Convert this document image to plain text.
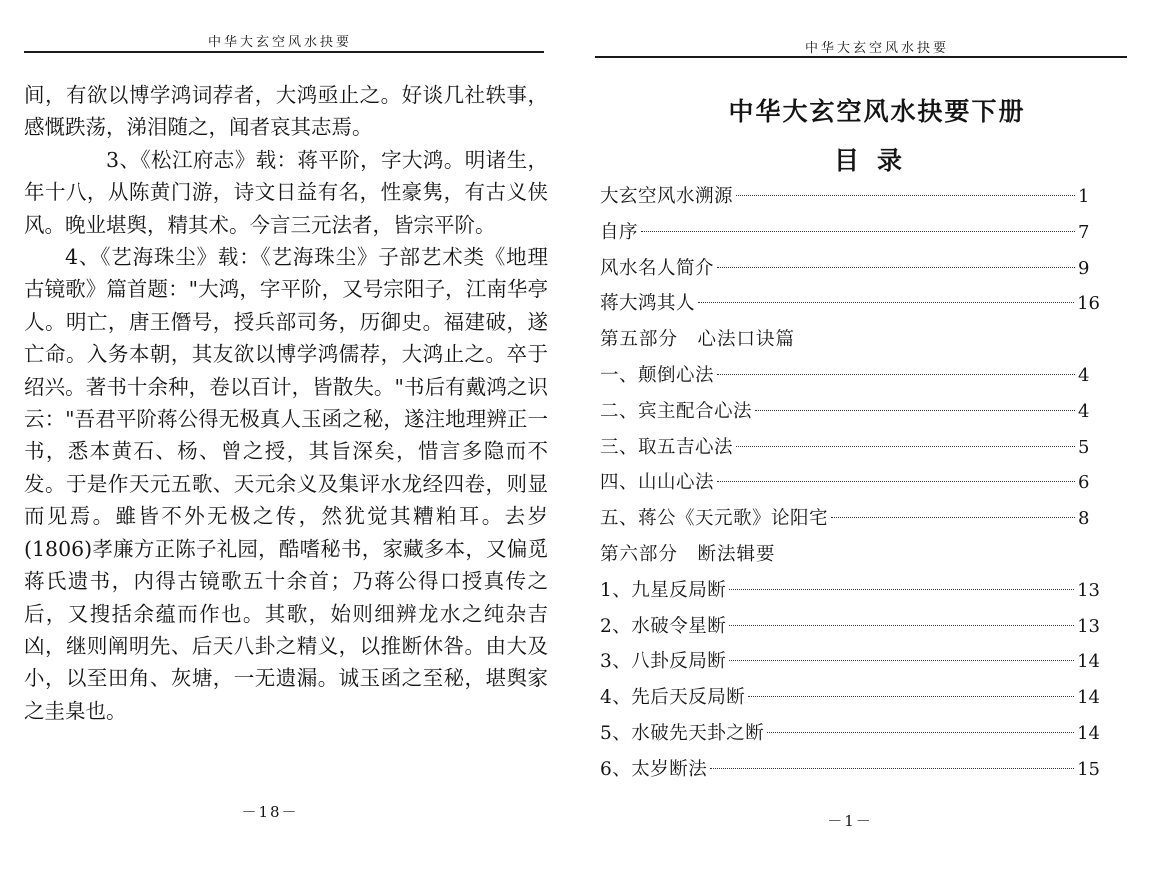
中华大玄空风水抉要

间，有欲以博学鸿词荐者，大鸿亟止之。好谈几社轶事，感慨跌荡，涕泪随之，闻者哀其志焉。

3、《松江府志》载：蒋平阶，字大鸿。明诸生，年十八，从陈黄门游，诗文日益有名，性豪隽，有古义侠风。晚业堪舆，精其术。今言三元法者，皆宗平阶。

4、《艺海珠尘》载：《艺海珠尘》子部艺术类《地理古镜歌》篇首题："大鸿，字平阶，又号宗阳子，江南华亭人。明亡，唐王僭号，授兵部司务，历御史。福建破，遂亡命。入务本朝，其友欲以博学鸿儒荐，大鸿止之。卒于绍兴。著书十余种，卷以百计，皆散失。"书后有戴鸿之识云："吾君平阶蒋公得无极真人玉函之秘，遂注地理辨正一书，悉本黄石、杨、曾之授，其旨深矣，惜言多隐而不发。于是作天元五歌、天元余义及集评水龙经四卷，则显而见焉。雖皆不外无极之传，然犹觉其糟粕耳。去岁(1806)孝廉方正陈子礼园，酷嗜秘书，家藏多本，又偏觅蒋氏遗书，内得古镜歌五十余首；乃蒋公得口授真传之后，又搜括余蕴而作也。其歌，始则细辨龙水之纯杂吉凶，继则阐明先、后天八卦之精义，以推断休咎。由大及小，以至田角、灰塘，一无遗漏。诚玉函之至秘，堪舆家之圭臬也。

－18－
中华大玄空风水抉要
中华大玄空风水抉要下册
目录
大玄空风水溯源	1
自序	7
风水名人简介	9
蒋大鸿其人	16
第五部分　心法口诀篇
一、颠倒心法	4
二、宾主配合心法	4
三、取五吉心法	5
四、山山心法	6
五、蒋公《天元歌》论阳宅	8
第六部分　断法辑要
1、九星反局断	13
2、水破令星断	13
3、八卦反局断	14
4、先后天反局断	14
5、水破先天卦之断	14
6、太岁断法	15
－1－
